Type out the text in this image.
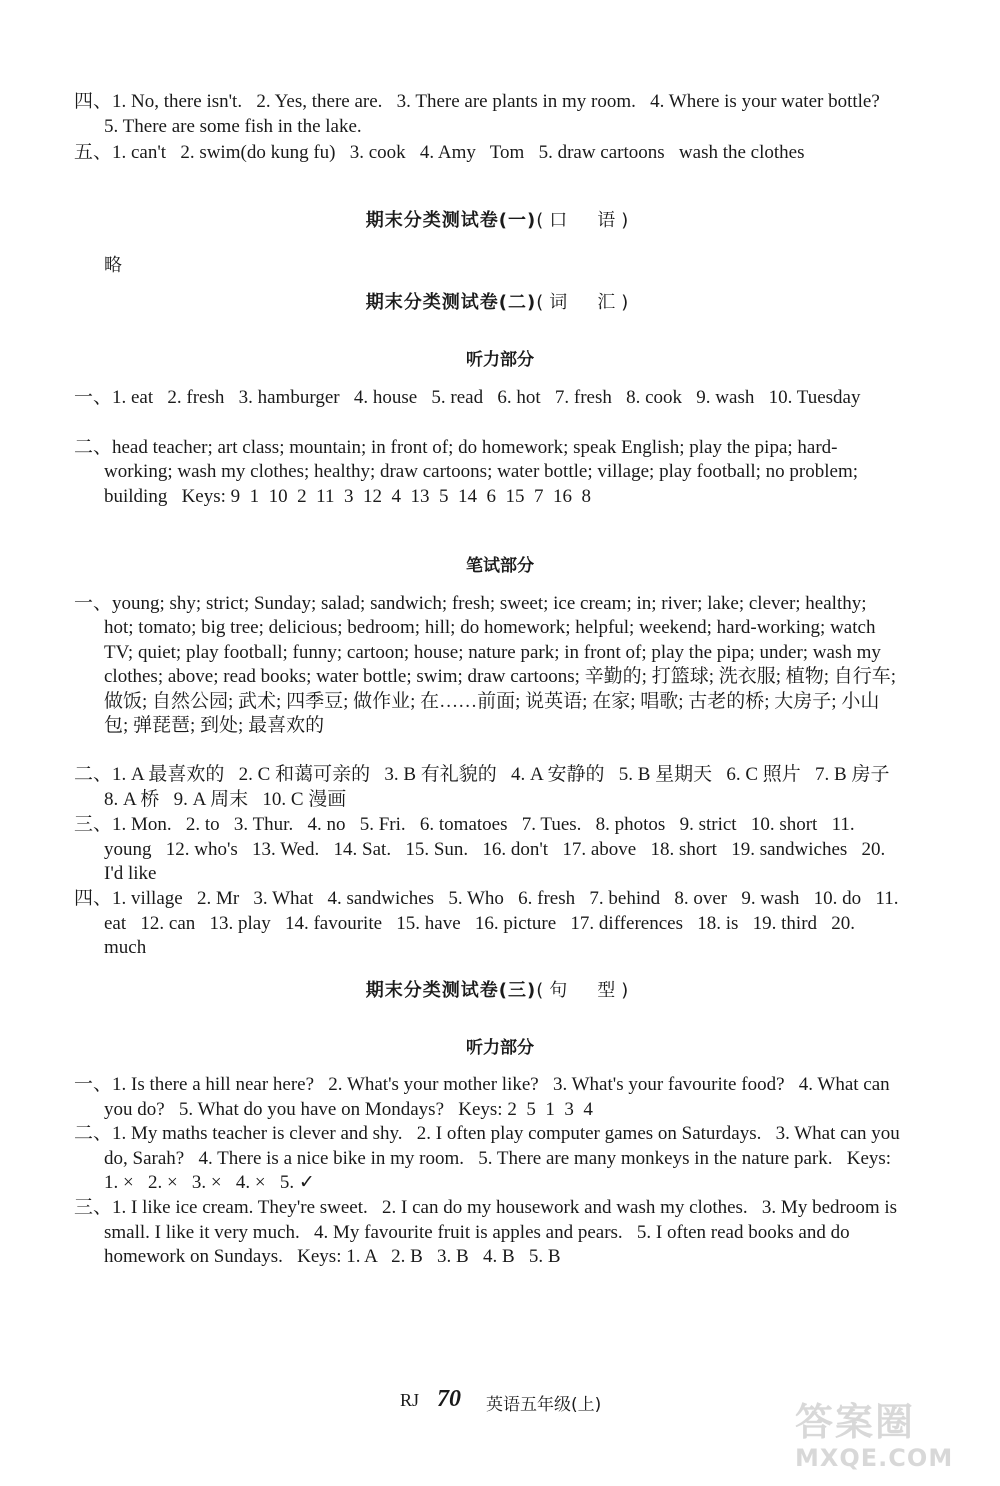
四、1. No, there isn't.   2. Yes, there are.   3. There are plants in my room.   4. Where is your water bottle?   5. There are some fish in the lake.
五、1. can't   2. swim(do kung fu)   3. cook   4. Amy   Tom   5. draw cartoons   wash the clothes
期末分类测试卷(一)(口　语)
略
期末分类测试卷(二)(词　汇)
听力部分
一、1. eat   2. fresh   3. hamburger   4. house   5. read   6. hot   7. fresh   8. cook   9. wash   10. Tuesday
二、head teacher; art class; mountain; in front of; do homework; speak English; play the pipa; hard-working; wash my clothes; healthy; draw cartoons; water bottle; village; play football; no problem; building   Keys: 9  1  10  2  11  3  12  4  13  5  14  6  15  7  16  8
笔试部分
一、young; shy; strict; Sunday; salad; sandwich; fresh; sweet; ice cream; in; river; lake; clever; healthy; hot; tomato; big tree; delicious; bedroom; hill; do homework; helpful; weekend; hard-working; watch TV; quiet; play football; funny; cartoon; house; nature park; in front of; play the pipa; under; wash my clothes; above; read books; water bottle; swim; draw cartoons; 辛勤的; 打篮球; 洗衣服; 植物; 自行车; 做饭; 自然公园; 武术; 四季豆; 做作业; 在……前面; 说英语; 在家; 唱歌; 古老的桥; 大房子; 小山包; 弹琵琶; 到处; 最喜欢的
二、1. A 最喜欢的   2. C 和蔼可亲的   3. B 有礼貌的   4. A 安静的   5. B 星期天   6. C 照片   7. B 房子   8. A 桥   9. A 周末   10. C 漫画
三、1. Mon.   2. to   3. Thur.   4. no   5. Fri.   6. tomatoes   7. Tues.   8. photos   9. strict   10. short   11. young   12. who's   13. Wed.   14. Sat.   15. Sun.   16. don't   17. above   18. short   19. sandwiches   20. I'd like
四、1. village   2. Mr   3. What   4. sandwiches   5. Who   6. fresh   7. behind   8. over   9. wash   10. do   11. eat   12. can   13. play   14. favourite   15. have   16. picture   17. differences   18. is   19. third   20. much
期末分类测试卷(三)(句　型)
听力部分
一、1. Is there a hill near here?   2. What's your mother like?   3. What's your favourite food?   4. What can you do?   5. What do you have on Mondays?   Keys: 2  5  1  3  4
二、1. My maths teacher is clever and shy.   2. I often play computer games on Saturdays.   3. What can you do, Sarah?   4. There is a nice bike in my room.   5. There are many monkeys in the nature park.   Keys: 1. ×   2. ×   3. ×   4. ×   5. ✓
三、1. I like ice cream. They're sweet.   2. I can do my housework and wash my clothes.   3. My bedroom is small. I like it very much.   4. My favourite fruit is apples and pears.   5. I often read books and do homework on Sundays.   Keys: 1. A   2. B   3. B   4. B   5. B
RJ 70 英语五年级(上)	答案圈
MXQE.COM
